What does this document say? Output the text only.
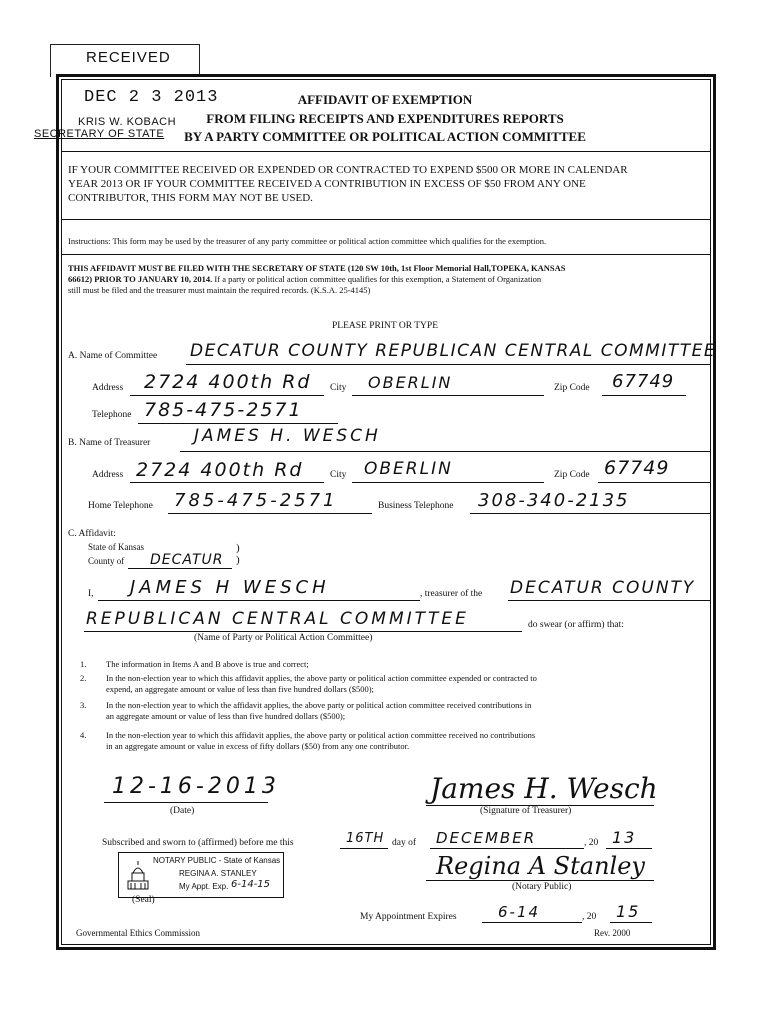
RECEIVED
DEC 2 3 2013
KRIS W. KOBACH
SECRETARY OF STATE
AFFIDAVIT OF EXEMPTION
FROM FILING RECEIPTS AND EXPENDITURES REPORTS
BY A PARTY COMMITTEE OR POLITICAL ACTION COMMITTEE
IF YOUR COMMITTEE RECEIVED OR EXPENDED OR CONTRACTED TO EXPEND $500 OR MORE IN CALENDAR
YEAR 2013 OR IF YOUR COMMITTEE RECEIVED A CONTRIBUTION IN EXCESS OF $50 FROM ANY ONE
CONTRIBUTOR, THIS FORM MAY NOT BE USED.
Instructions: This form may be used by the treasurer of any party committee or political action committee which qualifies for the exemption.
THIS AFFIDAVIT MUST BE FILED WITH THE SECRETARY OF STATE (120 SW 10th, 1st Floor Memorial Hall,TOPEKA, KANSAS
66612) PRIOR TO JANUARY 10, 2014. If a party or political action committee qualifies for this exemption, a Statement of Organization
still must be filed and the treasurer must maintain the required records. (K.S.A. 25-4145)
PLEASE PRINT OR TYPE
A. Name of Committee DECATUR COUNTY REPUBLICAN CENTRAL COMMITTEE
Address 2724 400th Rd City OBERLIN	Zip Code 67749
Telephone 785-475-2571
B. Name of Treasurer	JAMES H. WESCH
Address 2724 400th Rd	City OBERLIN	Zip Code 67749
Home Telephone 785-475-2571	Business Telephone 308-340-2135
C. Affidavit:
State of Kansas	)
County of DECATUR )
I, JAMES H WESCH	, treasurer of the DECATUR COUNTY
REPUBLICAN CENTRAL COMMITTEE	do swear (or affirm) that:
(Name of Party or Political Action Committee)
1. The information in Items A and B above is true and correct;
2. In the non-election year to which this affidavit applies, the above party or political action committee expended or contracted to
expend, an aggregate amount or value of less than five hundred dollars ($500);
3. In the non-election year to which the affidavit applies, the above party or political action committee received contributions in
an aggregate amount or value of less than five hundred dollars ($500);
4. In the non-election year to which this affidavit applies, the above party or political action committee received no contributions
in an aggregate amount or value in excess of fifty dollars ($50) from any one contributor.
12-16-2013
(Date)
James H. Wesch
(Signature of Treasurer)
Subscribed and sworn to (affirmed) before me this	16TH day of DECEMBER	, 20 13
NOTARY PUBLIC - State of Kansas
REGINA A. STANLEY
My Appt. Exp. 6-14-15
(Seal)
Regina A Stanley
(Notary Public)
My Appointment Expires	6-14	, 20 15
Governmental Ethics Commission	Rev. 2000
